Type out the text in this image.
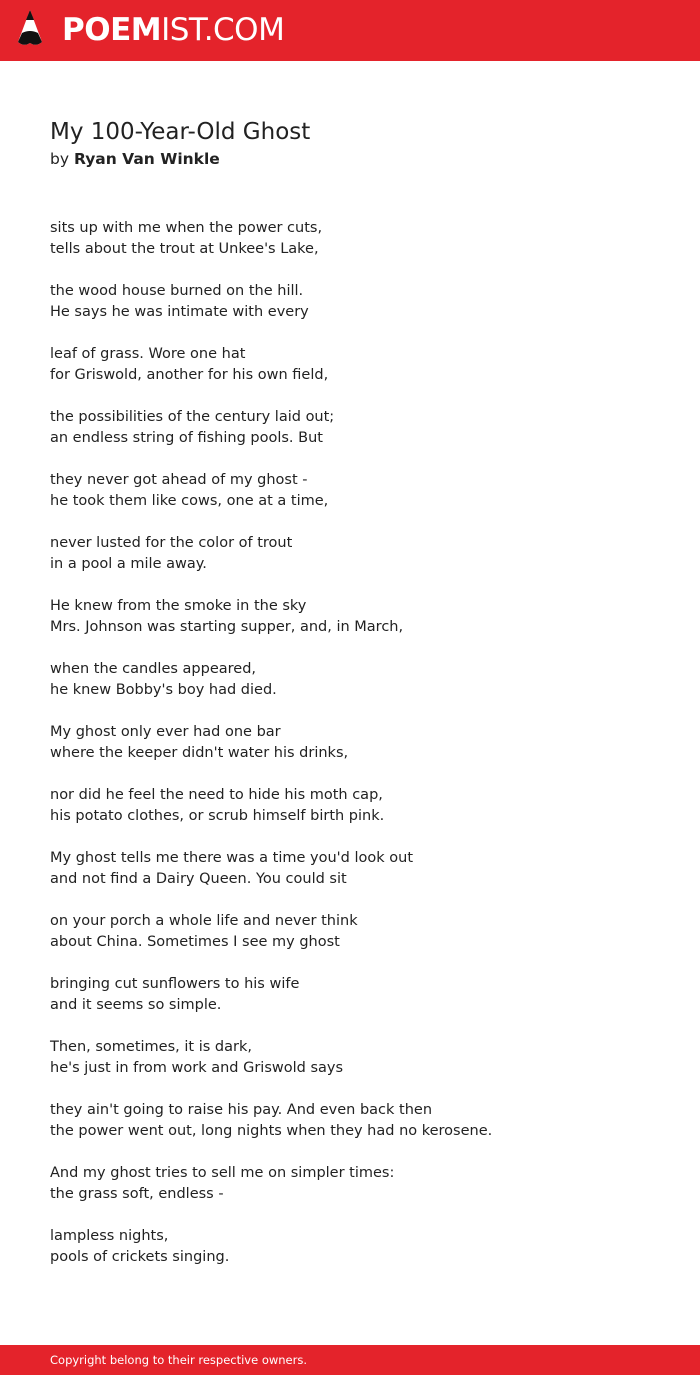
POEMIST.COM
My 100-Year-Old Ghost
by Ryan Van Winkle
sits up with me when the power cuts,
tells about the trout at Unkee's Lake,
the wood house burned on the hill.
He says he was intimate with every
leaf of grass. Wore one hat
for Griswold, another for his own field,
the possibilities of the century laid out;
an endless string of fishing pools. But
they never got ahead of my ghost -
he took them like cows, one at a time,
never lusted for the color of trout
in a pool a mile away.
He knew from the smoke in the sky
Mrs. Johnson was starting supper, and, in March,
when the candles appeared,
he knew Bobby's boy had died.
My ghost only ever had one bar
where the keeper didn't water his drinks,
nor did he feel the need to hide his moth cap,
his potato clothes, or scrub himself birth pink.
My ghost tells me there was a time you'd look out
and not find a Dairy Queen. You could sit
on your porch a whole life and never think
about China. Sometimes I see my ghost
bringing cut sunflowers to his wife
and it seems so simple.
Then, sometimes, it is dark,
he's just in from work and Griswold says
they ain't going to raise his pay. And even back then
the power went out, long nights when they had no kerosene.
And my ghost tries to sell me on simpler times:
the grass soft, endless -
lampless nights,
pools of crickets singing.
Copyright belong to their respective owners.
